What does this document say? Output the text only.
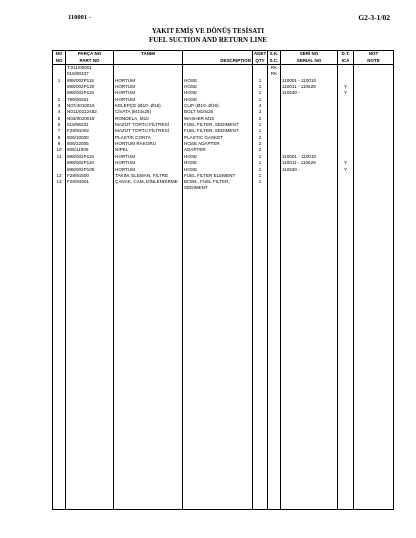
110001 -	G2-3-1/02
YAKIT EMİŞ VE DÖNÜŞ TESİSATI
FUEL SUCTION AND RETURN LINE
NO	PARÇA NO	TANIM		ADET	S.K.	SERİ NO	D.T.	NOT
NO	PART NO		DESCRIPTION	QTY	S.C.	SERIAL NO	ICA	NOTE
	T.011/00001				RK			
	018/90337				RK			
1	898/002P115	HORTUM	HOSE	1		110001 - 110010		
	898/002P120	HORTUM	HOSE	1		110011 - 110629	Y	
	898/002P115	HORTUM	HOSE	1		110630 -	Y	
2	799/00251	HORTUM	HOSE	1				
3	N07/4010016	KELEPÇE (Ø10- Ø16)	CLIP (Ø10- Ø16)	4				
4	N011/0222482	CİVATA (M10x25)	BOLT M10x25	2				
5	N03/0020018	RONDELA, M10	WASHER M10	2				
6	018/96331	MAZOT TORTU FİLTRESİ	FUEL FILTER, SEDIMENT	1				
7	F28/91002	MAZOT TORTU FİLTRESİ	FUEL FILTER, SEDIMENT	1				
8	809/10000	PLASTİK CONTA	PLASTIC GASKET	2				
9	806/22005	HORTUM RAKORU	HOSE ADAPTER	2				
10	806/11005	NİPEL	ADAPTER	2				
11	898/002P115	HORTUM	HOSE	1		110001 - 110010		
	898/002P110	HORTUM	HOSE	1		110011 - 110629	Y	
	898/002P105	HORTUM	HOSE	1		110630 -	Y	
12	F28/91500	TAKIM, ELEMAN, FİLTRE	FUEL FILTER ELEMENT	1				
13	F28/91601	ÇANAK, CAM, DİNLENDİRME	BOWL, FUEL FILTER, SEDIMENT	1				
